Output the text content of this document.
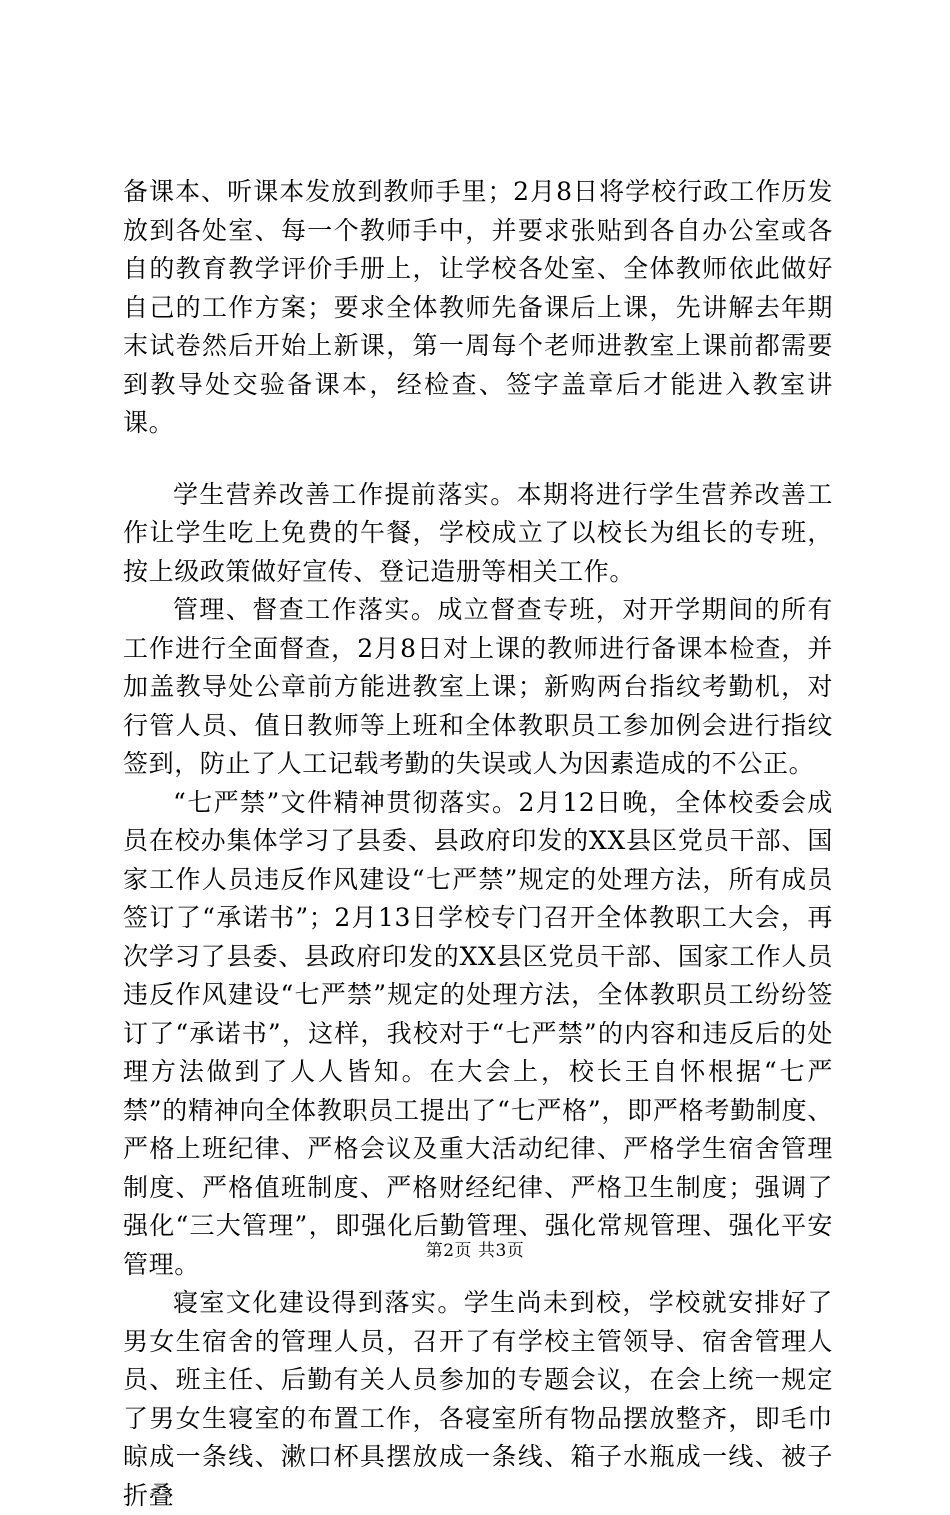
备课本、听课本发放到教师手里；2月8日将学校行政工作历发放到各处室、每一个教师手中，并要求张贴到各自办公室或各自的教育教学评价手册上，让学校各处室、全体教师依此做好自己的工作方案；要求全体教师先备课后上课，先讲解去年期末试卷然后开始上新课，第一周每个老师进教室上课前都需要到教导处交验备课本，经检查、签字盖章后才能进入教室讲课。

学生营养改善工作提前落实。本期将进行学生营养改善工作让学生吃上免费的午餐，学校成立了以校长为组长的专班，按上级政策做好宣传、登记造册等相关工作。

管理、督查工作落实。成立督查专班，对开学期间的所有工作进行全面督查，2月8日对上课的教师进行备课本检查，并加盖教导处公章前方能进教室上课；新购两台指纹考勤机，对行管人员、值日教师等上班和全体教职员工参加例会进行指纹签到，防止了人工记载考勤的失误或人为因素造成的不公正。

“七严禁”文件精神贯彻落实。2月12日晚，全体校委会成员在校办集体学习了县委、县政府印发的XX县区党员干部、国家工作人员违反作风建设“七严禁”规定的处理方法，所有成员签订了“承诺书”；2月13日学校专门召开全体教职工大会，再次学习了县委、县政府印发的XX县区党员干部、国家工作人员违反作风建设“七严禁”规定的处理方法，全体教职员工纷纷签订了“承诺书”，这样，我校对于“七严禁”的内容和违反后的处理方法做到了人人皆知。在大会上，校长王自怀根据“七严禁”的精神向全体教职员工提出了“七严格”，即严格考勤制度、严格上班纪律、严格会议及重大活动纪律、严格学生宿舍管理制度、严格值班制度、严格财经纪律、严格卫生制度；强调了强化“三大管理”，即强化后勤管理、强化常规管理、强化平安管理。

寝室文化建设得到落实。学生尚未到校，学校就安排好了男女生宿舍的管理人员，召开了有学校主管领导、宿舍管理人员、班主任、后勤有关人员参加的专题会议，在会上统一规定了男女生寝室的布置工作，各寝室所有物品摆放整齐，即毛巾晾成一条线、漱口杯具摆放成一条线、箱子水瓶成一线、被子折叠

第2页 共3页
